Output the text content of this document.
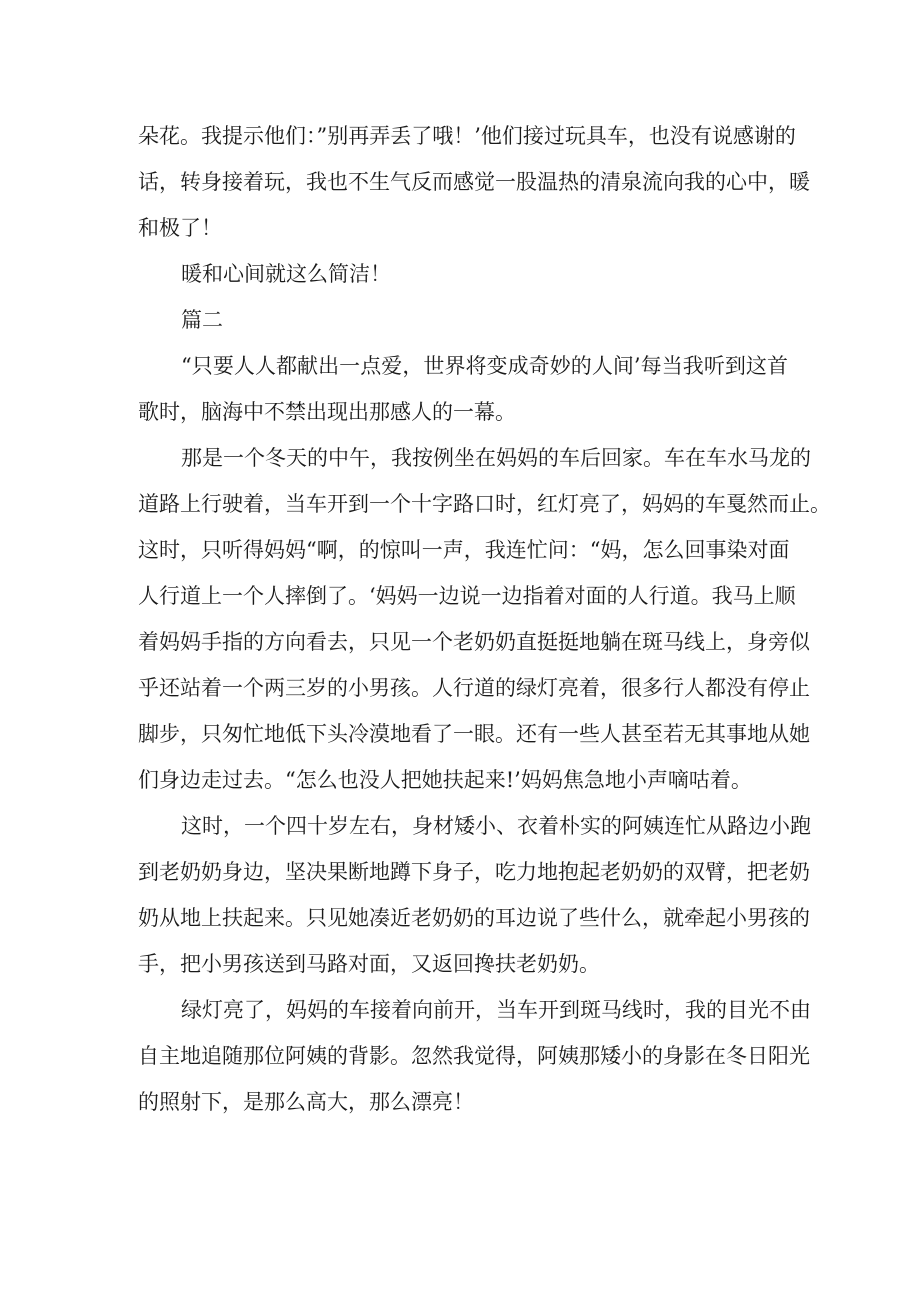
朵花。我提示他们：”别再弄丢了哦！’他们接过玩具车，也没有说感谢的
话，转身接着玩，我也不生气反而感觉一股温热的清泉流向我的心中，暖
和极了！
暖和心间就这么简洁！
篇二
“只要人人都献出一点爱，世界将变成奇妙的人间’每当我听到这首
歌时，脑海中不禁出现出那感人的一幕。
那是一个冬天的中午，我按例坐在妈妈的车后回家。车在车水马龙的
道路上行驶着，当车开到一个十字路口时，红灯亮了，妈妈的车戛然而止。
这时，只听得妈妈“啊，的惊叫一声，我连忙问：“妈，怎么回事染对面
人行道上一个人摔倒了。‘妈妈一边说一边指着对面的人行道。我马上顺
着妈妈手指的方向看去，只见一个老奶奶直挺挺地躺在斑马线上，身旁似
乎还站着一个两三岁的小男孩。人行道的绿灯亮着，很多行人都没有停止
脚步，只匆忙地低下头冷漠地看了一眼。还有一些人甚至若无其事地从她
们身边走过去。“怎么也没人把她扶起来!’妈妈焦急地小声嘀咕着。
这时，一个四十岁左右，身材矮小、衣着朴实的阿姨连忙从路边小跑
到老奶奶身边，坚决果断地蹲下身子，吃力地抱起老奶奶的双臂，把老奶
奶从地上扶起来。只见她凑近老奶奶的耳边说了些什么，就牵起小男孩的
手，把小男孩送到马路对面，又返回搀扶老奶奶。
绿灯亮了，妈妈的车接着向前开，当车开到斑马线时，我的目光不由
自主地追随那位阿姨的背影。忽然我觉得，阿姨那矮小的身影在冬日阳光
的照射下，是那么高大，那么漂亮！
